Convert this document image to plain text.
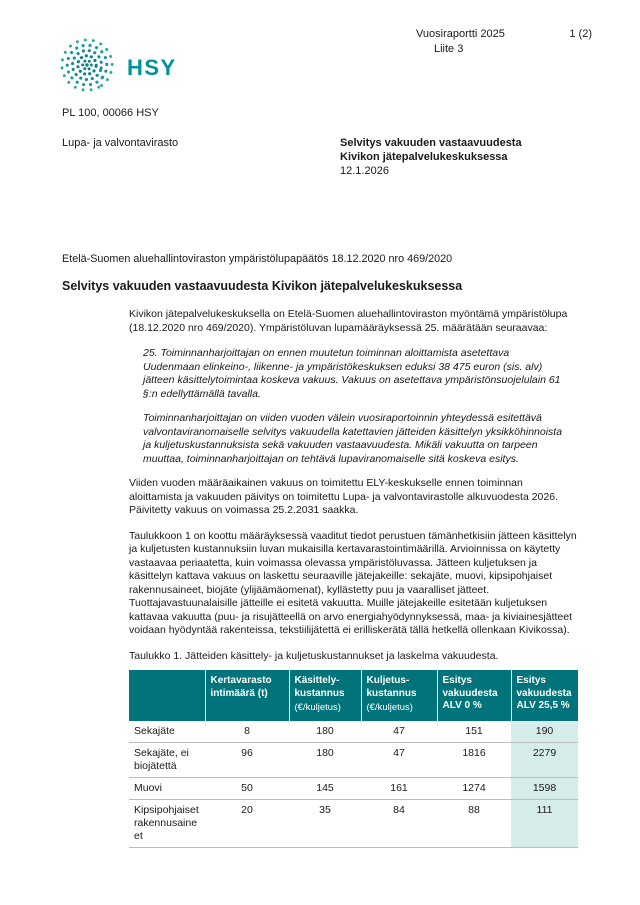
Vuosiraportti 2025	1 (2)
Liite 3
HSY
PL 100, 00066 HSY
Lupa- ja valvontavirasto	Selvitys vakuuden vastaavuudesta
Kivikon jätepalvelukeskuksessa
12.1.2026
Etelä-Suomen aluehallintoviraston ympäristölupapäätös 18.12.2020 nro 469/2020
Selvitys vakuuden vastaavuudesta Kivikon jätepalvelukeskuksessa

Kivikon jätepalvelukeskuksella on Etelä-Suomen aluehallintoviraston myöntämä ympäristölupa (18.12.2020 nro 469/2020). Ympäristöluvan lupamääräyksessä 25. määrätään seuraavaa:

25. Toiminnanharjoittajan on ennen muutetun toiminnan aloittamista asetettava Uudenmaan elinkeino-, liikenne- ja ympäristökeskuksen eduksi 38 475 euron (sis. alv) jätteen käsittelytoimintaa koskeva vakuus. Vakuus on asetettava ympäristönsuojelulain 61 §:n edellyttämällä tavalla.

Toiminnanharjoittajan on viiden vuoden välein vuosiraportoinnin yhteydessä esitettävä valvontaviranomaiselle selvitys vakuudella katettavien jätteiden käsittelyn yksikköhinnoista ja kuljetuskustannuksista sekä vakuuden vastaavuudesta. Mikäli vakuutta on tarpeen muuttaa, toiminnanharjoittajan on tehtävä lupaviranomaiselle sitä koskeva esitys.

Viiden vuoden määräaikainen vakuus on toimitettu ELY-keskukselle ennen toiminnan aloittamista ja vakuuden päivitys on toimitettu Lupa- ja valvontavirastolle alkuvuodesta 2026. Päivitetty vakuus on voimassa 25.2.2031 saakka.

Taulukkoon 1 on koottu määräyksessä vaaditut tiedot perustuen tämänhetkisiin jätteen käsittelyn ja kuljetusten kustannuksiin luvan mukaisilla kertavarastointimäärillä. Arvioinnissa on käytetty vastaavaa periaatetta, kuin voimassa olevassa ympäristöluvassa. Jätteen kuljetuksen ja käsittelyn kattava vakuus on laskettu seuraaville jätejakeille: sekajäte, muovi, kipsipohjaiset rakennusaineet, biojäte (ylijäämäomenat), kyllästetty puu ja vaaralliset jätteet. Tuottajavastuunalaisille jätteille ei esitetä vakuutta. Muille jätejakeille esitetään kuljetuksen kattavaa vakuutta (puu- ja risujätteellä on arvo energiahyödynnyksessä, maa- ja kiviainesjätteet voidaan hyödyntää rakenteissa, tekstiilijätettä ei erilliskerätä tällä hetkellä ollenkaan Kivikossa).

Taulukko 1. Jätteiden käsittely- ja kuljetuskustannukset ja laskelma vakuudesta.

	Kertavarasto
intimäärä (t)	Käsittely-
kustannus
(€/kuljetus)	Kuljetus-
kustannus
(€/kuljetus)	Esitys
vakuudesta
ALV 0 %	Esitys
vakuudesta
ALV 25,5 %

Sekajäte	8	180	47	151	190
Sekajäte, ei biojätettä	96	180	47	1816	2279
Muovi	50	145	161	1274	1598
Kipsipohjaiset rakennusaineet	20	35	84	88	111
